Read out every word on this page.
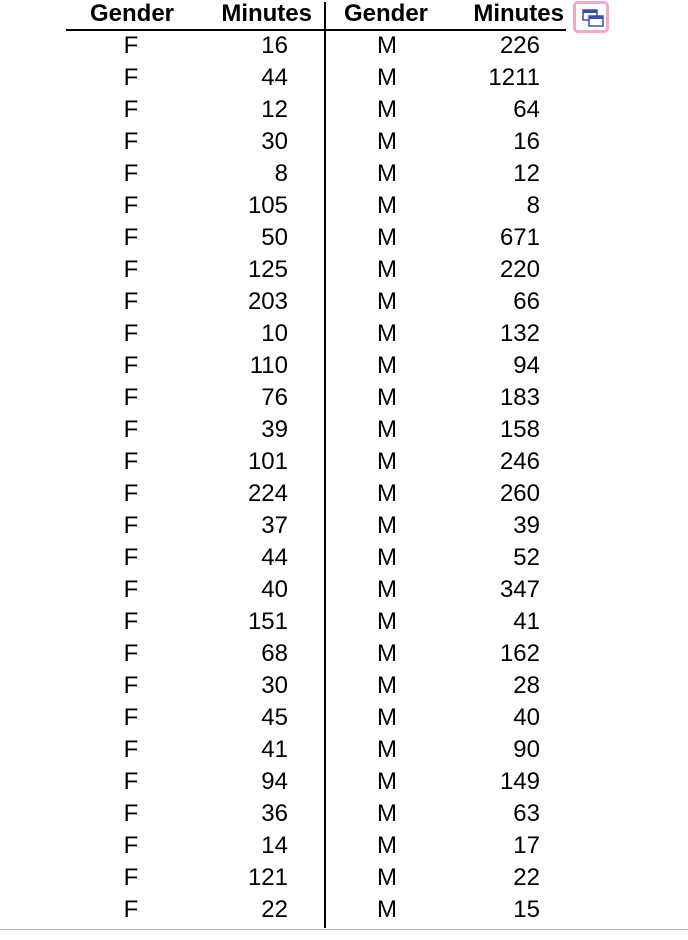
Gender	Minutes Gender	Minutes
F	16	M	226
F	44	M	1211
F	12	M	64
F	30	M	16
F	8	M	12
F	105	M	8
F	50	M	671
F	125	M	220
F	203	M	66
F	10	M	132
F	110	M	94
F	76	M	183
F	39	M	158
F	101	M	246
F	224	M	260
F	37	M	39
F	44	M	52
F	40	M	347
F	151	M	41
F	68	M	162
F	30	M	28
F	45	M	40
F	41	M	90
F	94	M	149
F	36	M	63
F	14	M	17
F	121	M	22
F	22	M	15
